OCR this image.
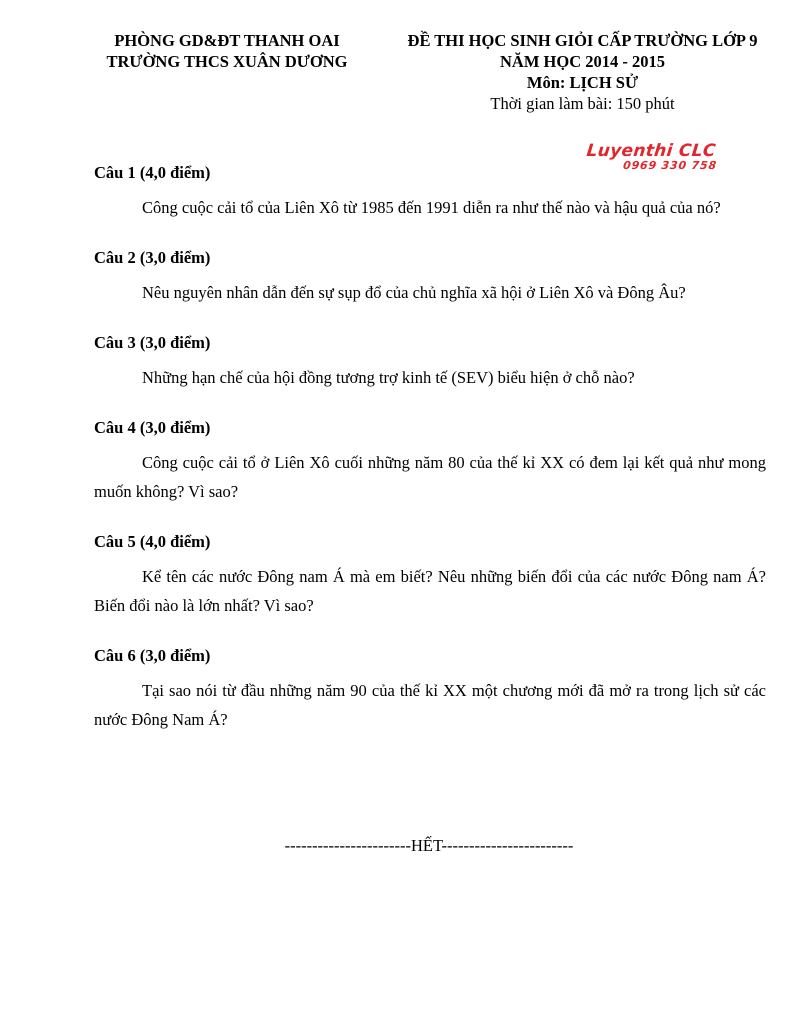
PHÒNG GD&ĐT THANH OAI
TRƯỜNG THCS XUÂN DƯƠNG
ĐỀ THI HỌC SINH GIỎI CẤP TRƯỜNG LỚP 9
NĂM HỌC 2014 - 2015
Môn: LỊCH SỬ
Thời gian làm bài: 150 phút
Luyenthi CLC
0969 330 758

Câu 1 (4,0 điểm)

Công cuộc cải tổ của Liên Xô từ 1985 đến 1991 diễn ra như thế nào và hậu quả của nó?

Câu 2 (3,0 điểm)

Nêu nguyên nhân dẫn đến sự sụp đổ của chủ nghĩa xã hội ở Liên Xô và Đông Âu?

Câu 3 (3,0 điểm)

Những hạn chế của hội đồng tương trợ kinh tế (SEV) biểu hiện ở chỗ nào?

Câu 4 (3,0 điểm)

Công cuộc cải tổ ở Liên Xô cuối những năm 80 của thế kỉ XX có đem lại kết quả như mong muốn không? Vì sao?

Câu 5 (4,0 điểm)

Kể tên các nước Đông nam Á mà em biết? Nêu những biến đổi của các nước Đông nam Á? Biến đổi nào là lớn nhất? Vì sao?

Câu 6 (3,0 điểm)

Tại sao nói từ đầu những năm 90 của thế kỉ XX một chương mới đã mở ra trong lịch sử các nước Đông Nam Á?

-----------------------HẾT------------------------
